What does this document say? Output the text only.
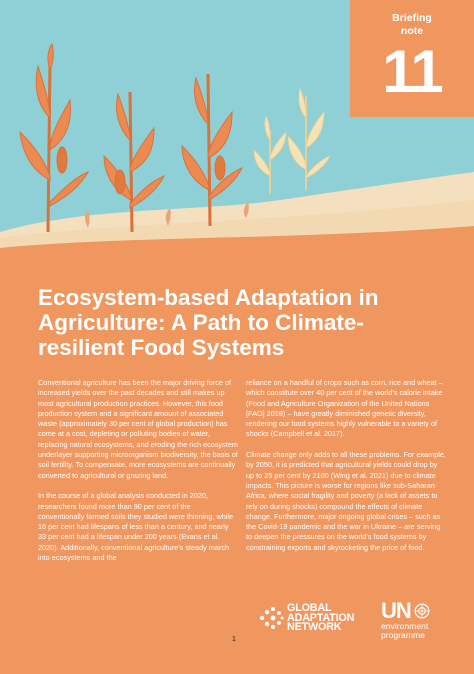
Briefing
note
11
Ecosystem-based Adaptation in
Agriculture: A Path to Climate-
resilient Food Systems

Conventional agriculture has been the major driving force of increased yields over the past decades and still makes up most agricultural production practices. However, this food production system and a significant amount of associated waste (approximately 30 per cent of global production) has come at a cost, depleting or polluting bodies of water, replacing natural ecosystems, and eroding the rich ecosystem underlayer supporting microorganism biodiversity, the basis of soil fertility. To compensate, more ecosystems are continually converted to agricultural or grazing land.

In the course of a global analysis conducted in 2020, researchers found more than 90 per cent of the conventionally farmed soils they studied were thinning, while 16 per cent had lifespans of less than a century, and nearly 33 per cent had a lifespan under 200 years (Evans et al. 2020). Additionally, conventional agriculture's steady march into ecosystems and the

reliance on a handful of crops such as corn, rice and wheat – which constitute over 40 per cent of the world's calorie intake (Food and Agriculture Organization of the United Nations [FAO] 2018) – have greatly diminished genetic diversity, rendering our food systems highly vulnerable to a variety of shocks (Campbell et al. 2017).

Climate change only adds to all these problems. For example, by 2050, it is predicted that agricultural yields could drop by up to 25 per cent by 2100 (Wing et al. 2021) due to climate impacts. This picture is worse for regions like sub-Saharan Africa, where social fragility and poverty (a lack of assets to rely on during shocks) compound the effects of climate change. Furthermore, major ongoing global crises – such as the Covid-19 pandemic and the war in Ukraine – are serving to deepen the pressures on the world's food systems by constraining exports and skyrocketing the price of food.

GLOBAL
ADAPTATION
NETWORK
UN
environment
programme
1
